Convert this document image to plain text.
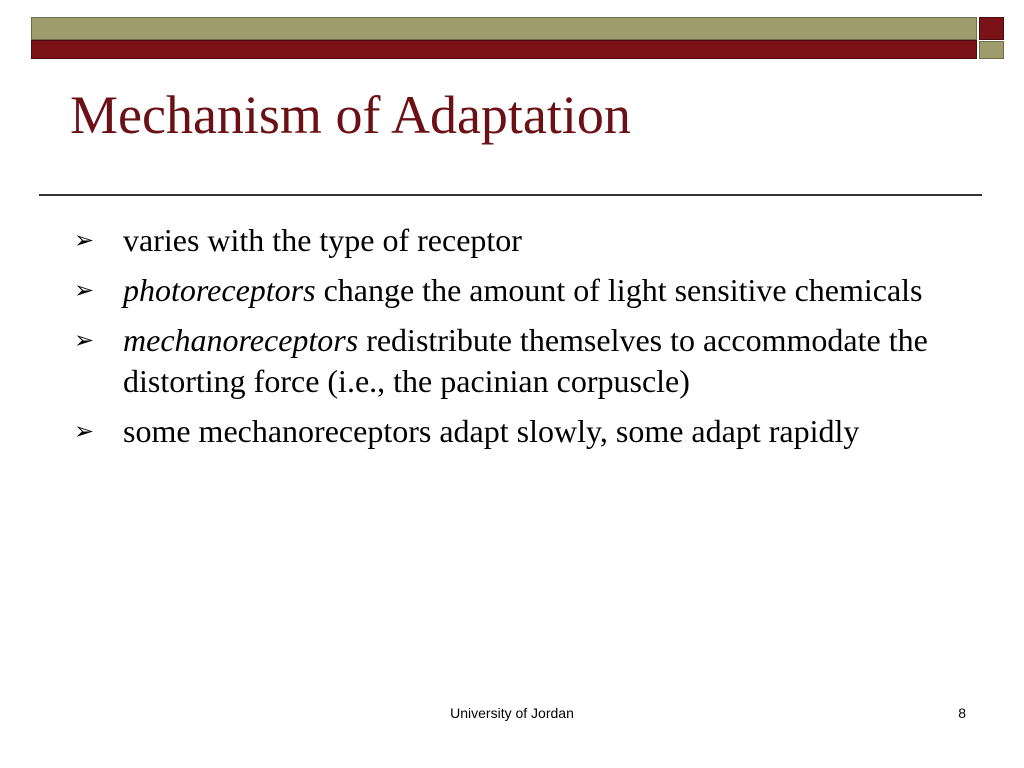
Mechanism of Adaptation
➢ varies with the type of receptor
➢ photoreceptors change the amount of light sensitive chemicals
➢ mechanoreceptors redistribute themselves to accommodate the distorting force (i.e., the pacinian corpuscle)
➢ some mechanoreceptors adapt slowly, some adapt rapidly
University of Jordan	8
